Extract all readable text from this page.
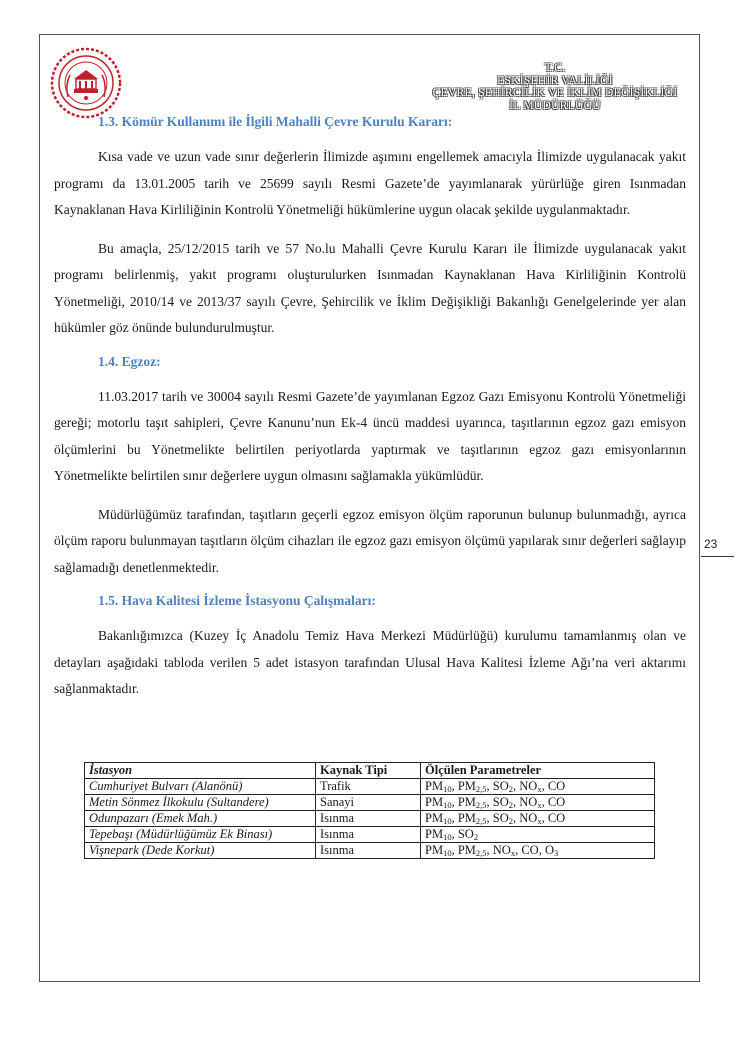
T.C.
ESKİŞEHİR VALİLİĞİ
ÇEVRE, ŞEHİRCİLİK VE İKLİM DEĞİŞİKLİĞİ
İL MÜDÜRLÜĞÜ
23
1.3. Kömür Kullanımı ile İlgili Mahalli Çevre Kurulu Kararı:

Kısa vade ve uzun vade sınır değerlerin İlimizde aşımını engellemek amacıyla İlimizde uygulanacak yakıt programı da 13.01.2005 tarih ve 25699 sayılı Resmi Gazete’de yayımlanarak yürürlüğe giren Isınmadan Kaynaklanan Hava Kirliliğinin Kontrolü Yönetmeliği hükümlerine uygun olacak şekilde uygulanmaktadır.

Bu amaçla, 25/12/2015 tarih ve 57 No.lu Mahalli Çevre Kurulu Kararı ile İlimizde uygulanacak yakıt programı belirlenmiş, yakıt programı oluşturulurken Isınmadan Kaynaklanan Hava Kirliliğinin Kontrolü Yönetmeliği, 2010/14 ve 2013/37 sayılı Çevre, Şehircilik ve İklim Değişikliği Bakanlığı Genelgelerinde yer alan hükümler göz önünde bulundurulmuştur.

1.4. Egzoz:

11.03.2017 tarih ve 30004 sayılı Resmi Gazete’de yayımlanan Egzoz Gazı Emisyonu Kontrolü Yönetmeliği gereği; motorlu taşıt sahipleri, Çevre Kanunu’nun Ek-4 üncü maddesi uyarınca, taşıtlarının egzoz gazı emisyon ölçümlerini bu Yönetmelikte belirtilen periyotlarda yaptırmak ve taşıtlarının egzoz gazı emisyonlarının Yönetmelikte belirtilen sınır değerlere uygun olmasını sağlamakla yükümlüdür.

Müdürlüğümüz tarafından, taşıtların geçerli egzoz emisyon ölçüm raporunun bulunup bulunmadığı, ayrıca ölçüm raporu bulunmayan taşıtların ölçüm cihazları ile egzoz gazı emisyon ölçümü yapılarak sınır değerleri sağlayıp sağlamadığı denetlenmektedir.

1.5. Hava Kalitesi İzleme İstasyonu Çalışmaları:

Bakanlığımızca (Kuzey İç Anadolu Temiz Hava Merkezi Müdürlüğü) kurulumu tamamlanmış olan ve detayları aşağıdaki tabloda verilen 5 adet istasyon tarafından Ulusal Hava Kalitesi İzleme Ağı’na veri aktarımı sağlanmaktadır.

İstasyon	Kaynak Tipi	Ölçülen Parametreler
Cumhuriyet Bulvarı (Alanönü)	Trafik	$PM_{10}$, $PM_{2,5}$, $SO_2$, $NO_x$, CO
Metin Sönmez İlkokulu (Sultandere)	Sanayi	$PM_{10}$, $PM_{2,5}$, $SO_2$, $NO_x$, CO
Odunpazarı (Emek Mah.)	Isınma	$PM_{10}$, $PM_{2,5}$, $SO_2$, $NO_x$, CO
Tepebaşı (Müdürlüğümüz Ek Binası)	Isınma	$PM_{10}$, $SO_2$
Vişnepark (Dede Korkut)	Isınma	$PM_{10}$, $PM_{2,5}$, $NO_x$, CO, $O_3$
